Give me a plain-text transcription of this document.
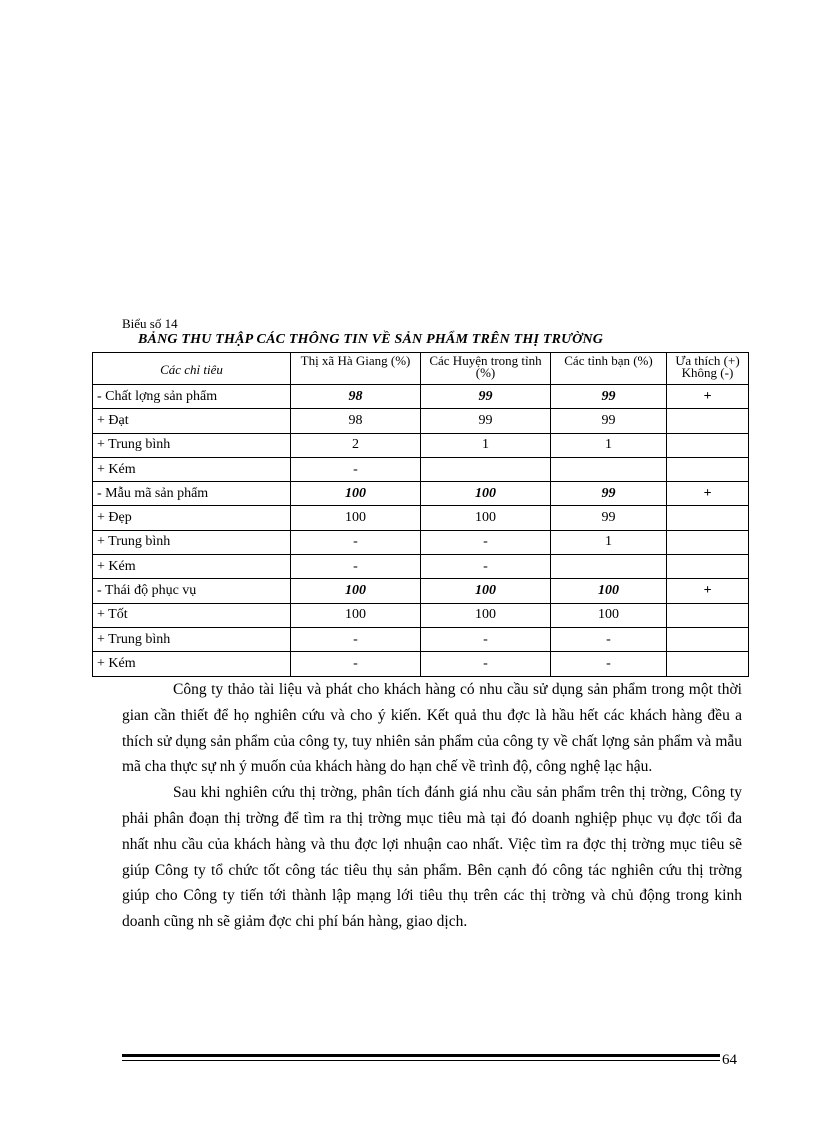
Biểu số 14
BẢNG THU THẬP CÁC THÔNG TIN VỀ SẢN PHẨM TRÊN THỊ TRƯỜNG
Các chỉ tiêu	Thị xã Hà Giang (%)	Các Huyện trong tỉnh (%)	Các tỉnh bạn (%)	Ưa thích (+) Không (-)
- Chất lợng sản phẩm	98	99	99	+
+ Đạt	98	99	99	
+ Trung bình	2	1	1	
+ Kém	-			
- Mẫu mã sản phẩm	100	100	99	+
+ Đẹp	100	100	99	
+ Trung bình	-	-	1	
+ Kém	-	-		
- Thái độ phục vụ	100	100	100	+
+ Tốt	100	100	100	
+ Trung bình	-	-	-	
+ Kém	-	-	-	

Công ty thảo tài liệu và phát cho khách hàng có nhu cầu sử dụng sản phẩm trong một thời gian cần thiết để họ nghiên cứu và cho ý kiến. Kết quả thu đợc là hầu hết các khách hàng đều a thích sử dụng sản phẩm của công ty, tuy nhiên sản phẩm của công ty về chất lợng sản phẩm và mẫu mã cha thực sự nh ý muốn của khách hàng do hạn chế về trình độ, công nghệ lạc hậu.

Sau khi nghiên cứu thị trờng, phân tích đánh giá nhu cầu sản phẩm trên thị trờng, Công ty phải phân đoạn thị trờng để tìm ra thị trờng mục tiêu mà tại đó doanh nghiệp phục vụ đợc tối đa nhất nhu cầu của khách hàng và thu đợc lợi nhuận cao nhất. Việc tìm ra đợc thị trờng mục tiêu sẽ giúp Công ty tổ chức tốt công tác tiêu thụ sản phẩm. Bên cạnh đó công tác nghiên cứu thị trờng giúp cho Công ty tiến tới thành lập mạng lới tiêu thụ trên các thị trờng và chủ động trong kinh doanh cũng nh sẽ giảm đợc chi phí bán hàng, giao dịch.

64
